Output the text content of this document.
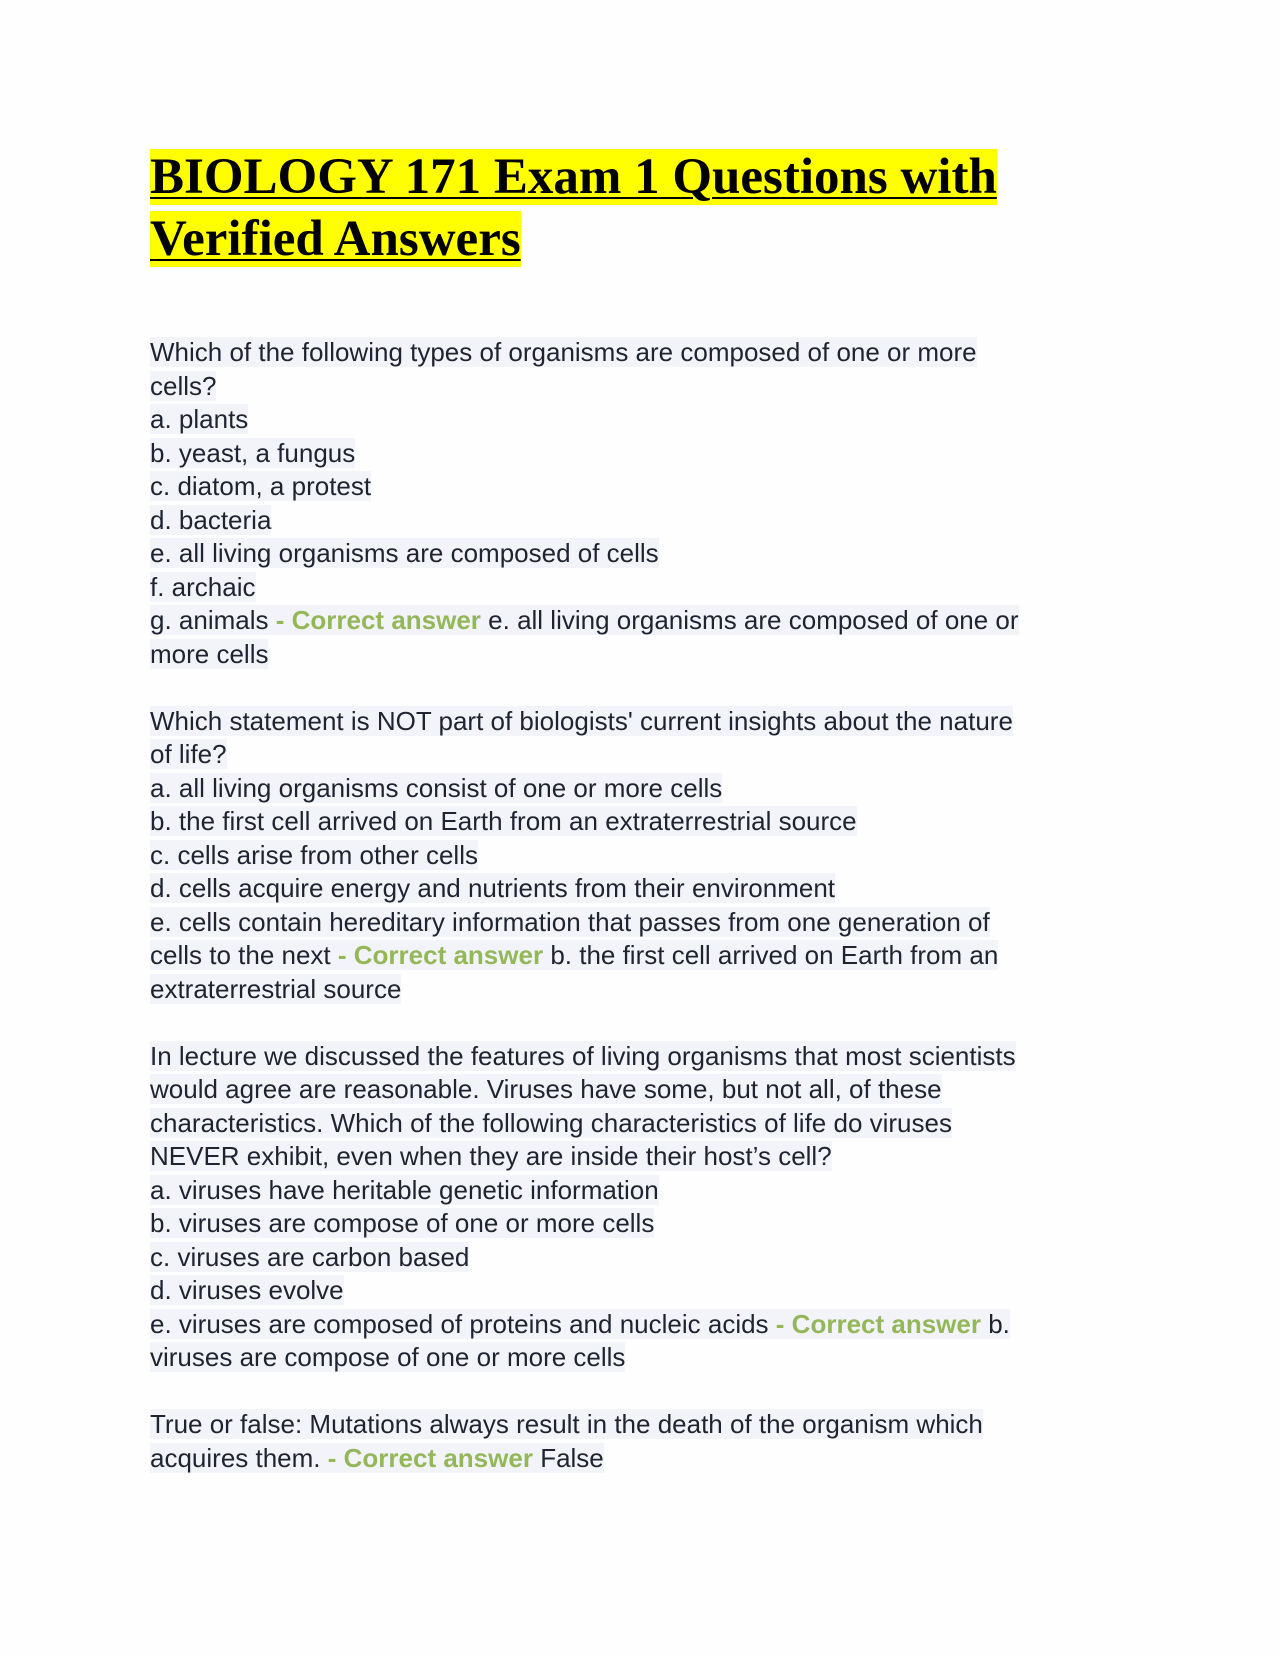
BIOLOGY 171 Exam 1 Questions with
Verified Answers
Which of the following types of organisms are composed of one or more
cells?
a. plants
b. yeast, a fungus
c. diatom, a protest
d. bacteria
e. all living organisms are composed of cells
f. archaic
g. animals - Correct answer e. all living organisms are composed of one or
more cells
Which statement is NOT part of biologists' current insights about the nature
of life?
a. all living organisms consist of one or more cells
b. the first cell arrived on Earth from an extraterrestrial source
c. cells arise from other cells
d. cells acquire energy and nutrients from their environment
e. cells contain hereditary information that passes from one generation of
cells to the next - Correct answer b. the first cell arrived on Earth from an
extraterrestrial source
In lecture we discussed the features of living organisms that most scientists
would agree are reasonable. Viruses have some, but not all, of these
characteristics. Which of the following characteristics of life do viruses
NEVER exhibit, even when they are inside their host’s cell?
a. viruses have heritable genetic information
b. viruses are compose of one or more cells
c. viruses are carbon based
d. viruses evolve
e. viruses are composed of proteins and nucleic acids - Correct answer b.
viruses are compose of one or more cells
True or false: Mutations always result in the death of the organism which
acquires them. - Correct answer False
